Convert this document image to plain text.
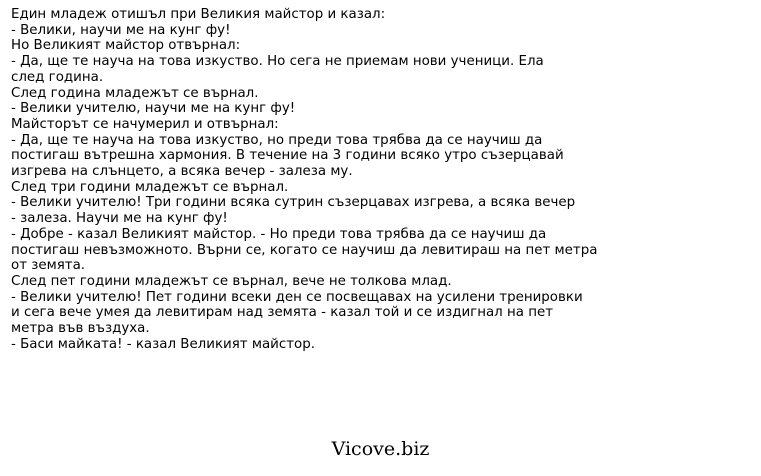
Един младеж отишъл при Великия майстор и казал:
- Велики, научи ме на кунг фу!
Но Великият майстор отвърнал:
- Да, ще те науча на това изкуство. Но сега не приемам нови ученици. Ела
след година.
След година младежът се върнал.
- Велики учителю, научи ме на кунг фу!
Майсторът се начумерил и отвърнал:
- Да, ще те науча на това изкуство, но преди това трябва да се научиш да
постигаш вътрешна хармония. В течение на 3 години всяко утро съзерцавай
изгрева на слънцето, а всяка вечер - залеза му.
След три години младежът се върнал.
- Велики учителю! Три години всяка сутрин съзерцавах изгрева, а всяка вечер
- залеза. Научи ме на кунг фу!
- Добре - казал Великият майстор. - Но преди това трябва да се научиш да
постигаш невъзможното. Върни се, когато се научиш да левитираш на пет метра
от земята.
След пет години младежът се върнал, вече не толкова млад.
- Велики учителю! Пет години всеки ден се посвещавах на усилени тренировки
и сега вече умея да левитирам над земята - казал той и се издигнал на пет
метра във въздуха.
- Баси майката! - казал Великият майстор.
Vicove.biz
